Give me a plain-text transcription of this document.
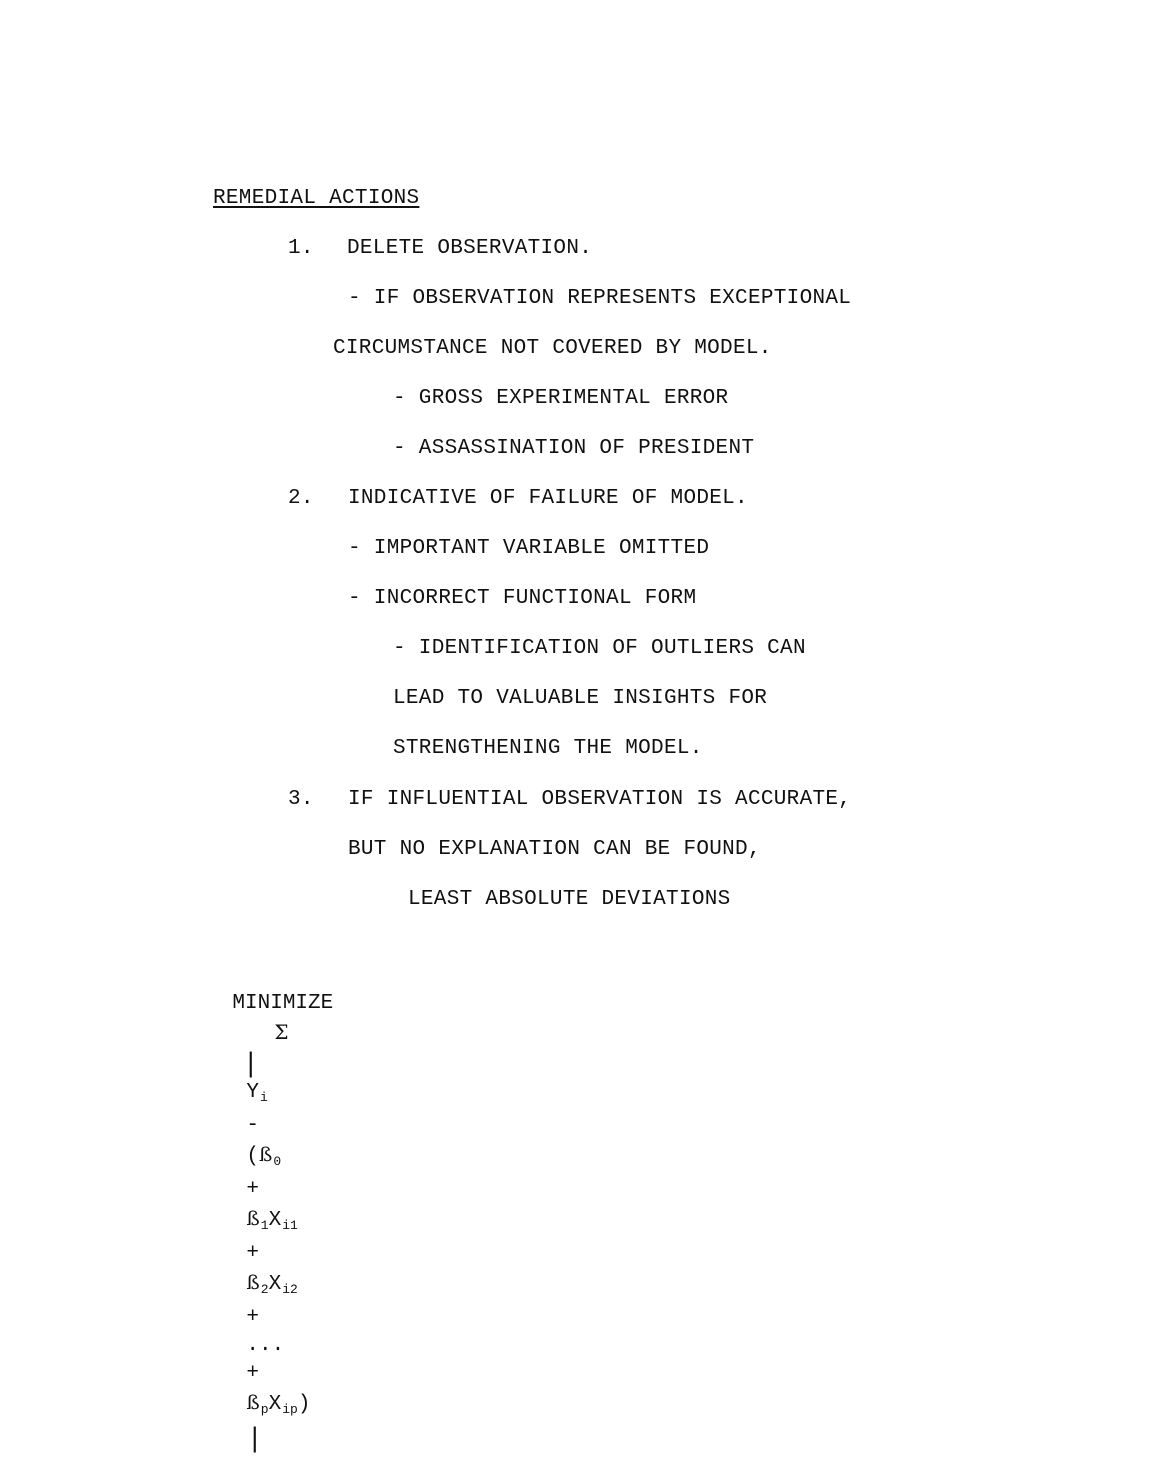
REMEDIAL ACTIONS
1. DELETE OBSERVATION.
- IF OBSERVATION REPRESENTS EXCEPTIONAL
CIRCUMSTANCE NOT COVERED BY MODEL.
- GROSS EXPERIMENTAL ERROR
- ASSASSINATION OF PRESIDENT
2. INDICATIVE OF FAILURE OF MODEL.
- IMPORTANT VARIABLE OMITTED
- INCORRECT FUNCTIONAL FORM
- IDENTIFICATION OF OUTLIERS CAN
LEAD TO VALUABLE INSIGHTS FOR
STRENGTHENING THE MODEL.
3. IF INFLUENTIAL OBSERVATION IS ACCURATE,
BUT NO EXPLANATION CAN BE FOUND,
LEAST ABSOLUTE DEVIATIONS

MINIMIZE
Σ
|
Yi
-
(ß0
+
ß1Xi1
+
ß2Xi2
+
...
+
ßpXip)
|
